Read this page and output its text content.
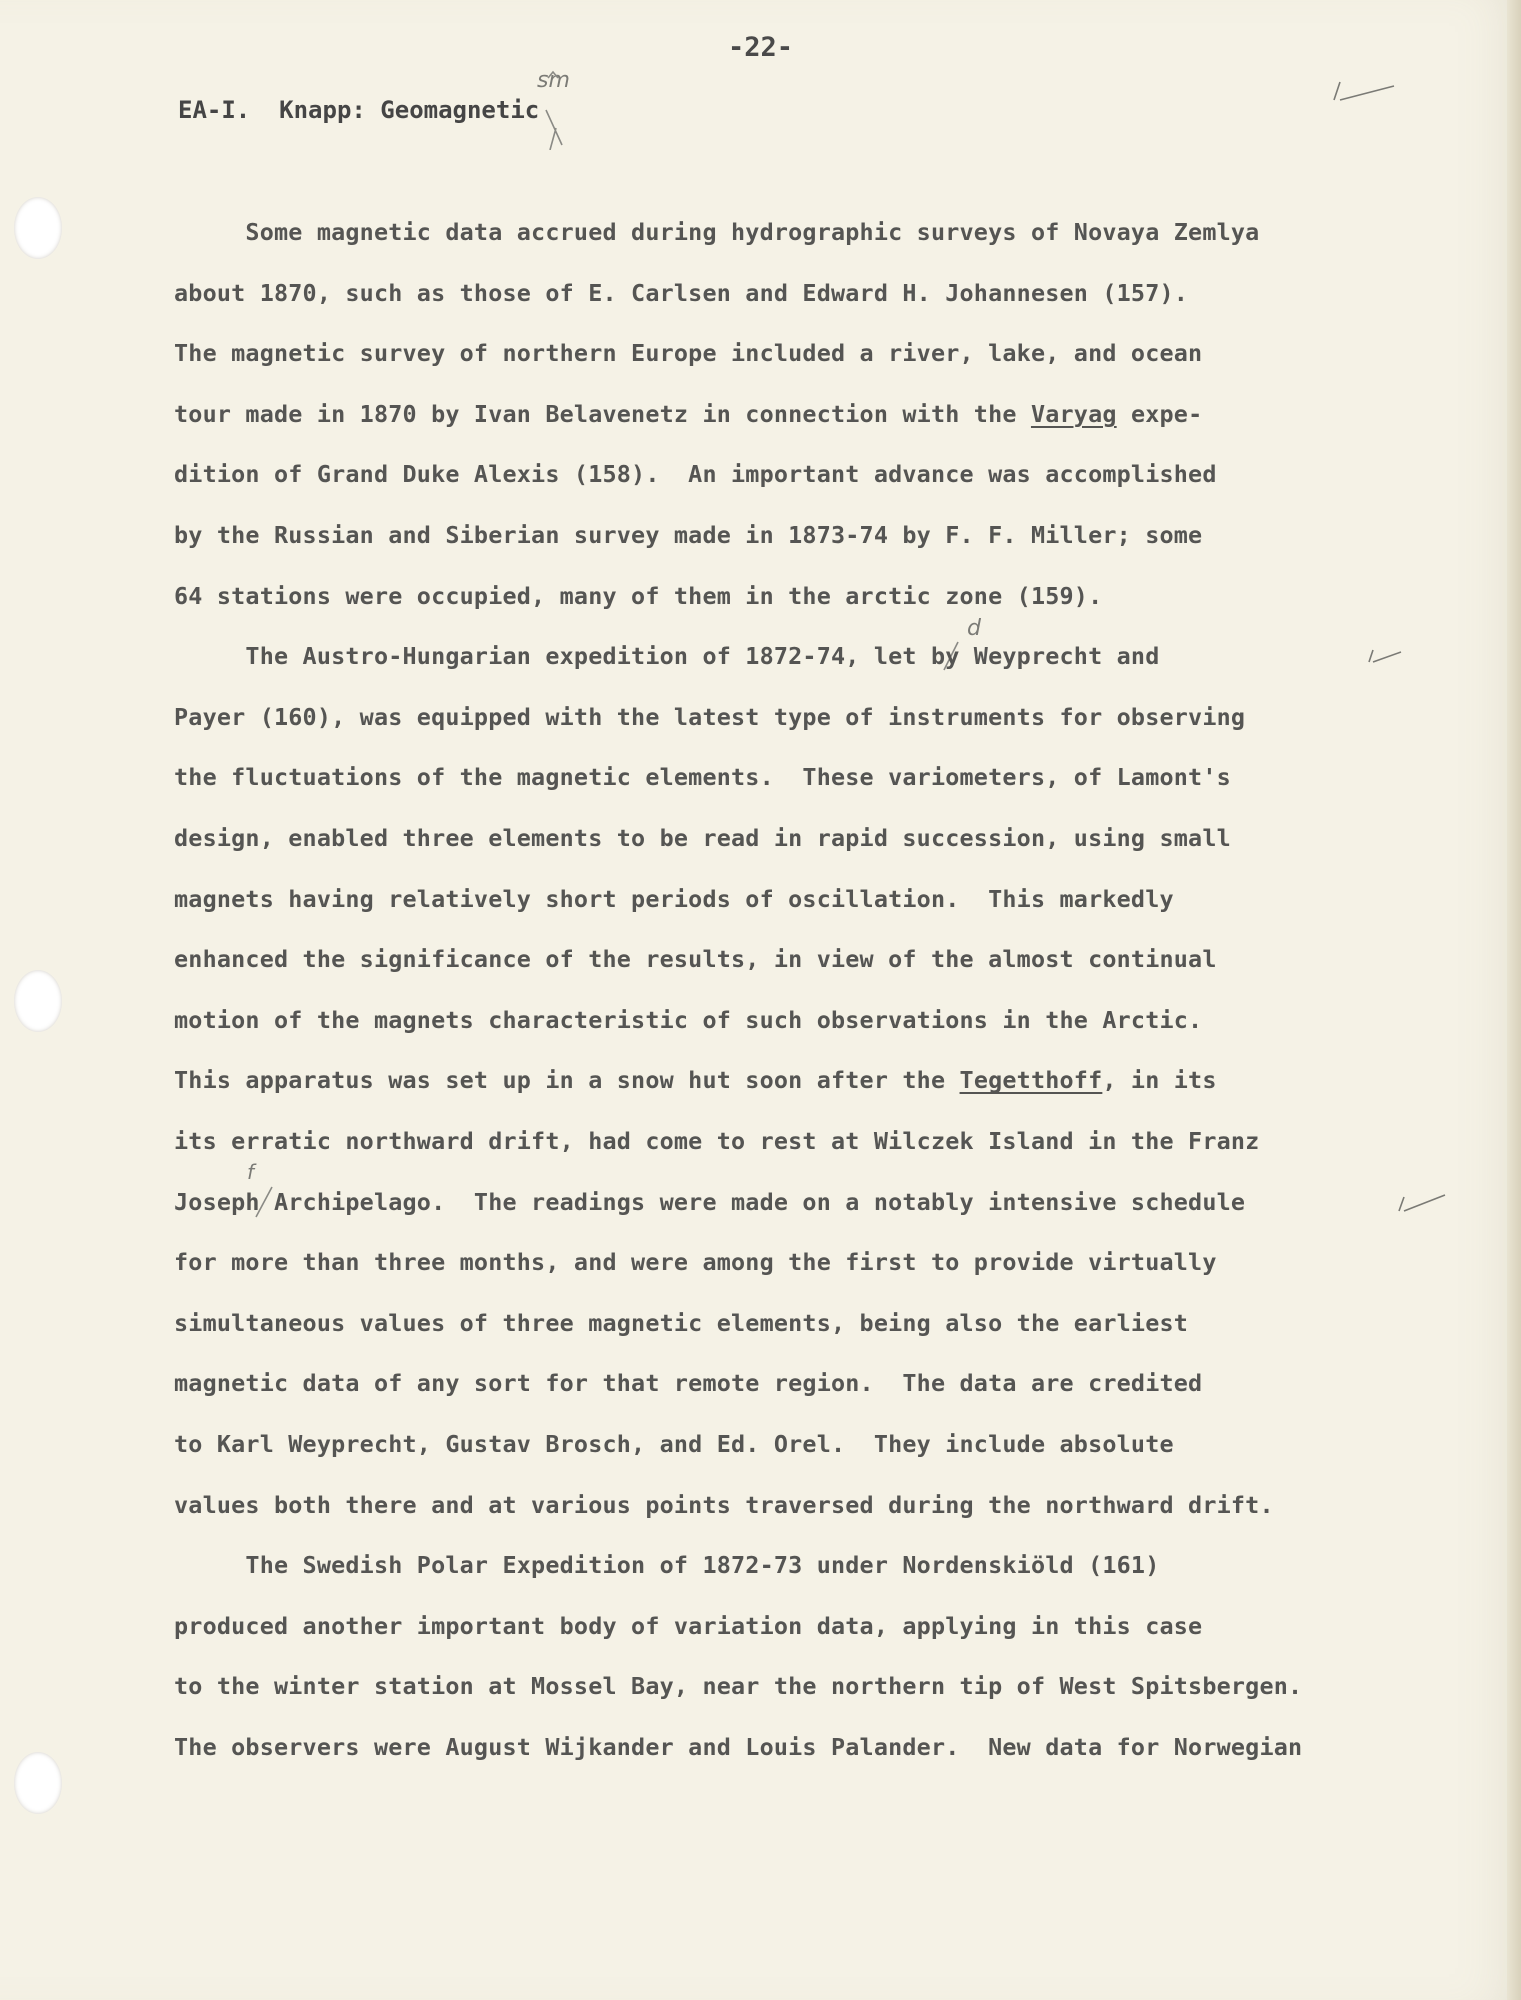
-22-
EA-I.  Knapp: Geomagnetic
sm
d
f
Some magnetic data accrued during hydrographic surveys of Novaya Zemlya
about 1870, such as those of E. Carlsen and Edward H. Johannesen (157).
The magnetic survey of northern Europe included a river, lake, and ocean
tour made in 1870 by Ivan Belavenetz in connection with the Varyag expe-
dition of Grand Duke Alexis (158).  An important advance was accomplished
by the Russian and Siberian survey made in 1873-74 by F. F. Miller; some
64 stations were occupied, many of them in the arctic zone (159).
The Austro-Hungarian expedition of 1872-74, let by Weyprecht and
Payer (160), was equipped with the latest type of instruments for observing
the fluctuations of the magnetic elements.  These variometers, of Lamont's
design, enabled three elements to be read in rapid succession, using small
magnets having relatively short periods of oscillation.  This markedly
enhanced the significance of the results, in view of the almost continual
motion of the magnets characteristic of such observations in the Arctic.
This apparatus was set up in a snow hut soon after the Tegetthoff, in its
its erratic northward drift, had come to rest at Wilczek Island in the Franz
Joseph Archipelago.  The readings were made on a notably intensive schedule
for more than three months, and were among the first to provide virtually
simultaneous values of three magnetic elements, being also the earliest
magnetic data of any sort for that remote region.  The data are credited
to Karl Weyprecht, Gustav Brosch, and Ed. Orel.  They include absolute
values both there and at various points traversed during the northward drift.
The Swedish Polar Expedition of 1872-73 under Nordenskiöld (161)
produced another important body of variation data, applying in this case
to the winter station at Mossel Bay, near the northern tip of West Spitsbergen.
The observers were August Wijkander and Louis Palander.  New data for Norwegian
